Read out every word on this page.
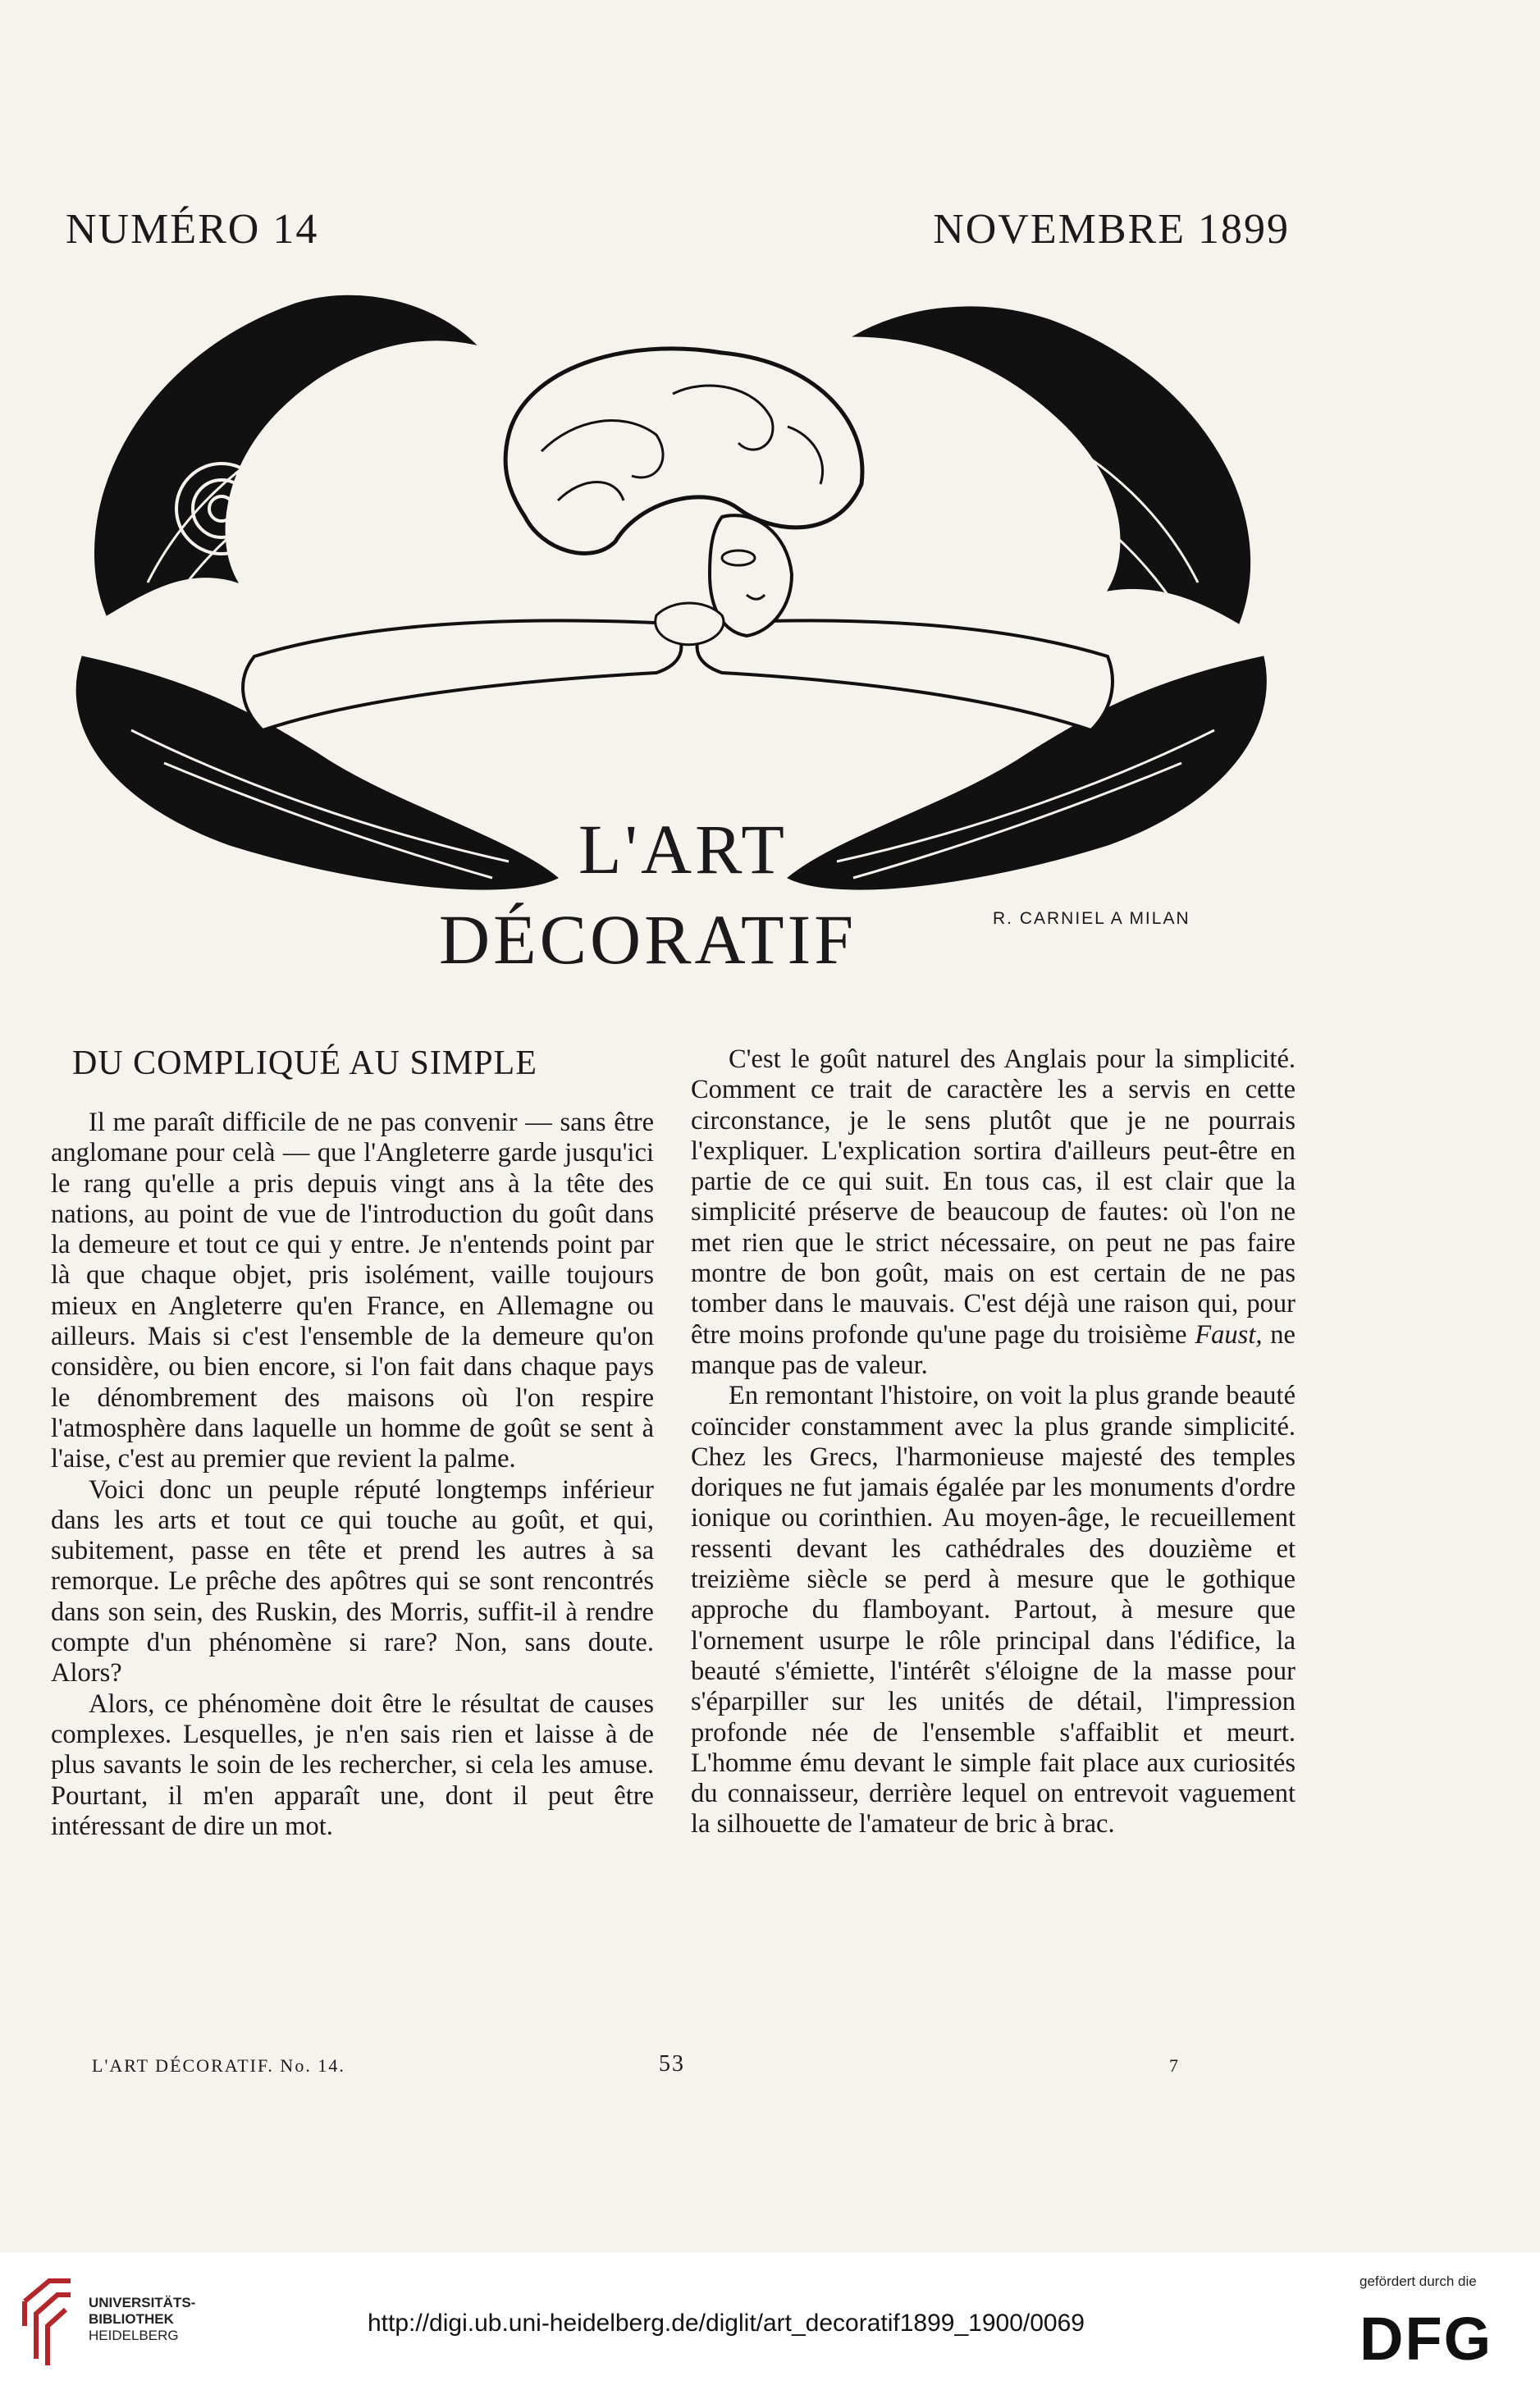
NUMÉRO 14	NOVEMBRE 1899
L'ART
DÉCORATIF	R. CARNIEL A MILAN
DU COMPLIQUÉ AU SIMPLE

Il me paraît difficile de ne pas convenir — sans être anglomane pour celà — que l'Angleterre garde jusqu'ici le rang qu'elle a pris depuis vingt ans à la tête des nations, au point de vue de l'introduction du goût dans la demeure et tout ce qui y entre. Je n'entends point par là que chaque objet, pris isolément, vaille toujours mieux en Angleterre qu'en France, en Allemagne ou ailleurs. Mais si c'est l'ensemble de la demeure qu'on considère, ou bien encore, si l'on fait dans chaque pays le dénombrement des maisons où l'on respire l'atmosphère dans laquelle un homme de goût se sent à l'aise, c'est au premier que revient la palme.

Voici donc un peuple réputé longtemps inférieur dans les arts et tout ce qui touche au goût, et qui, subitement, passe en tête et prend les autres à sa remorque. Le prêche des apôtres qui se sont rencontrés dans son sein, des Ruskin, des Morris, suffit-il à rendre compte d'un phénomène si rare? Non, sans doute. Alors?

Alors, ce phénomène doit être le résultat de causes complexes. Lesquelles, je n'en sais rien et laisse à de plus savants le soin de les rechercher, si cela les amuse. Pourtant, il m'en apparaît une, dont il peut être intéressant de dire un mot.

C'est le goût naturel des Anglais pour la simplicité. Comment ce trait de caractère les a servis en cette circonstance, je le sens plutôt que je ne pourrais l'expliquer. L'explication sortira d'ailleurs peut-être en partie de ce qui suit. En tous cas, il est clair que la simplicité préserve de beaucoup de fautes: où l'on ne met rien que le strict nécessaire, on peut ne pas faire montre de bon goût, mais on est certain de ne pas tomber dans le mauvais. C'est déjà une raison qui, pour être moins profonde qu'une page du troisième Faust, ne manque pas de valeur.

En remontant l'histoire, on voit la plus grande beauté coïncider constamment avec la plus grande simplicité. Chez les Grecs, l'harmonieuse majesté des temples doriques ne fut jamais égalée par les monuments d'ordre ionique ou corinthien. Au moyen-âge, le recueillement ressenti devant les cathédrales des douzième et treizième siècle se perd à mesure que le gothique approche du flamboyant. Partout, à mesure que l'ornement usurpe le rôle principal dans l'édifice, la beauté s'émiette, l'intérêt s'éloigne de la masse pour s'éparpiller sur les unités de détail, l'impression profonde née de l'ensemble s'affaiblit et meurt. L'homme ému devant le simple fait place aux curiosités du connaisseur, derrière lequel on entrevoit vaguement la silhouette de l'amateur de bric à brac.

L'ART DÉCORATIF. No. 14.	53	7
UNIVERSITÄTS-
BIBLIOTHEK
HEIDELBERG	http://digi.ub.uni-heidelberg.de/diglit/art_decoratif1899_1900/0069
gefördert durch die
DFG
